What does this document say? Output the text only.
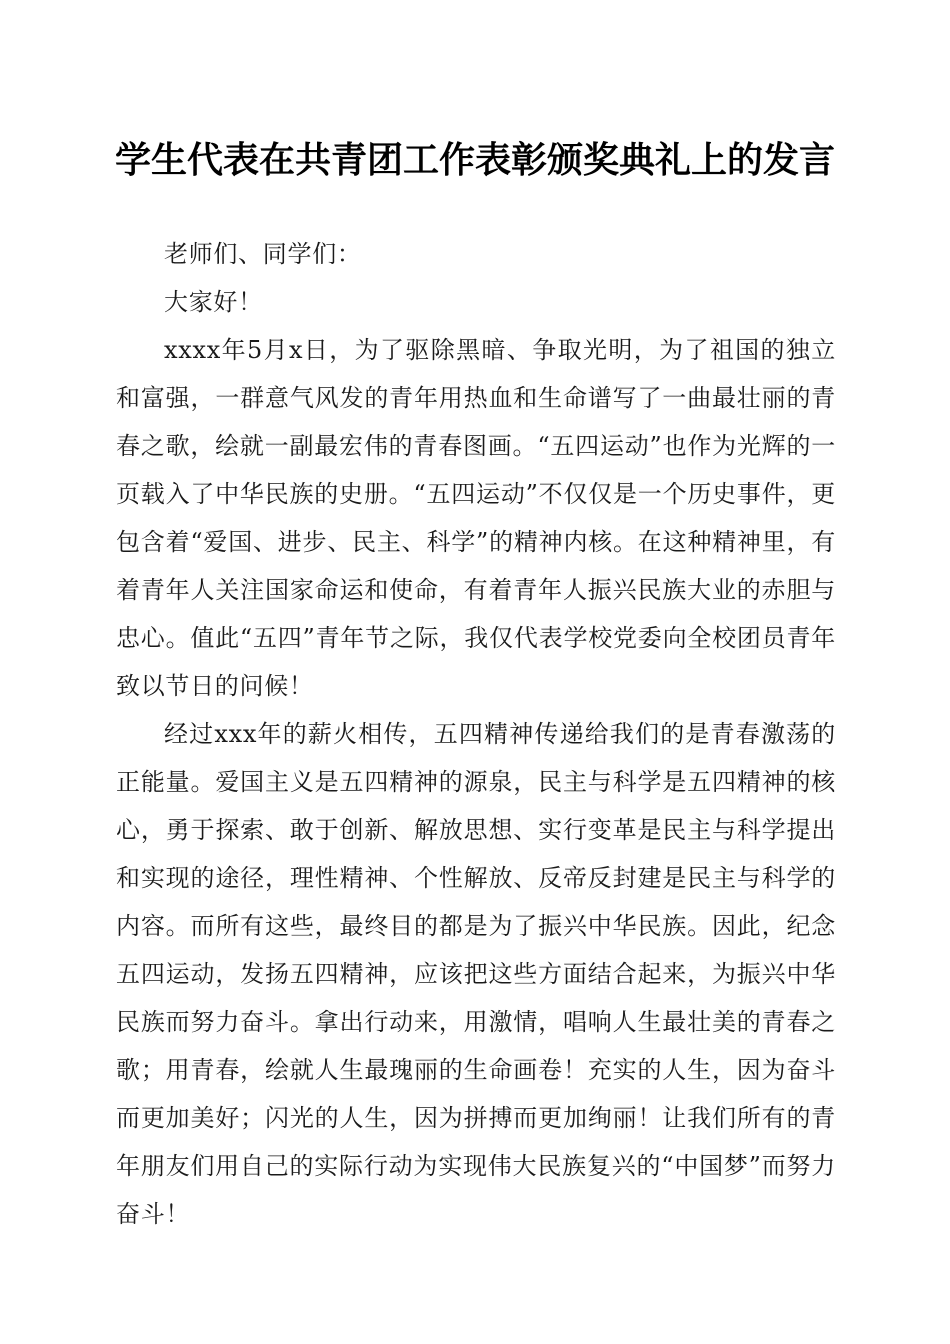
学生代表在共青团工作表彰颁奖典礼上的发言

老师们、同学们：

大家好！

xxxx年5月x日，为了驱除黑暗、争取光明，为了祖国的独立和富强，一群意气风发的青年用热血和生命谱写了一曲最壮丽的青春之歌，绘就一副最宏伟的青春图画。“五四运动”也作为光辉的一页载入了中华民族的史册。“五四运动”不仅仅是一个历史事件，更包含着“爱国、进步、民主、科学”的精神内核。在这种精神里，有着青年人关注国家命运和使命，有着青年人振兴民族大业的赤胆与忠心。值此“五四”青年节之际，我仅代表学校党委向全校团员青年致以节日的问候！

经过xxx年的薪火相传，五四精神传递给我们的是青春激荡的正能量。爱国主义是五四精神的源泉，民主与科学是五四精神的核心，勇于探索、敢于创新、解放思想、实行变革是民主与科学提出和实现的途径，理性精神、个性解放、反帝反封建是民主与科学的内容。而所有这些，最终目的都是为了振兴中华民族。因此，纪念五四运动，发扬五四精神，应该把这些方面结合起来，为振兴中华民族而努力奋斗。拿出行动来，用激情，唱响人生最壮美的青春之歌；用青春，绘就人生最瑰丽的生命画卷！充实的人生，因为奋斗而更加美好；闪光的人生，因为拼搏而更加绚丽！让我们所有的青年朋友们用自己的实际行动为实现伟大民族复兴的“中国梦”而努力奋斗！
